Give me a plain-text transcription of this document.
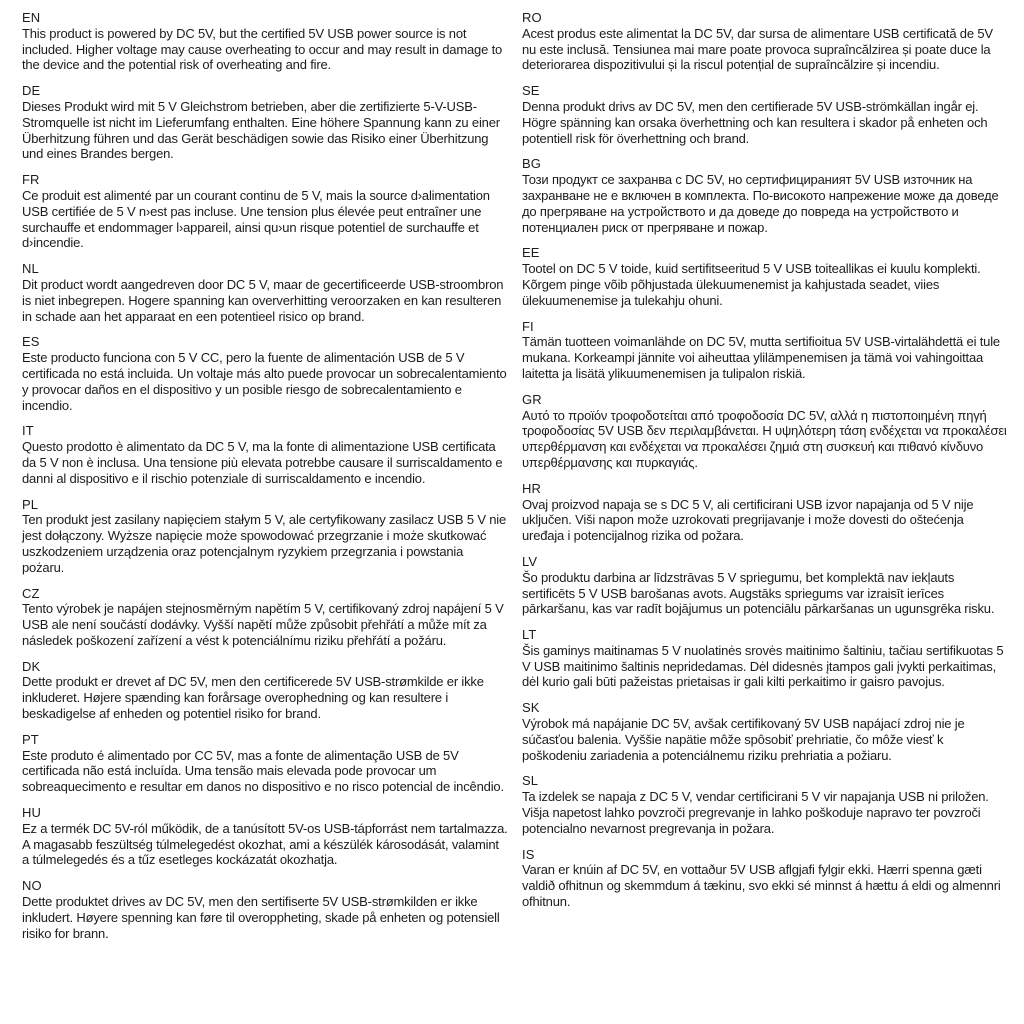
EN

This product is powered by DC 5V, but the certified 5V USB power source is not included. Higher voltage may cause overheating to occur and may result in damage to the device and the potential risk of overheating and fire.

DE

Dieses Produkt wird mit 5 V Gleichstrom betrieben, aber die zertifizierte 5-V-USB-Stromquelle ist nicht im Lieferumfang enthalten. Eine höhere Spannung kann zu einer Überhitzung führen und das Gerät beschädigen sowie das Risiko einer Überhitzung und eines Brandes bergen.

FR

Ce produit est alimenté par un courant continu de 5 V, mais la source d›alimentation USB certifiée de 5 V n›est pas incluse. Une tension plus élevée peut entraîner une surchauffe et endommager l›appareil, ainsi qu›un risque potentiel de surchauffe et d›incendie.

NL

Dit product wordt aangedreven door DC 5 V, maar de gecertificeerde USB-stroombron is niet inbegrepen. Hogere spanning kan oververhitting veroorzaken en kan resulteren in schade aan het apparaat en een potentieel risico op brand.

ES

Este producto funciona con 5 V CC, pero la fuente de alimentación USB de 5 V certificada no está incluida. Un voltaje más alto puede provocar un sobrecalentamiento y provocar daños en el dispositivo y un posible riesgo de sobrecalentamiento e incendio.

IT

Questo prodotto è alimentato da DC 5 V, ma la fonte di alimentazione USB certificata da 5 V non è inclusa. Una tensione più elevata potrebbe causare il surriscaldamento e danni al dispositivo e il rischio potenziale di surriscaldamento e incendio.

PL

Ten produkt jest zasilany napięciem stałym 5 V, ale certyfikowany zasilacz USB 5 V nie jest dołączony. Wyższe napięcie może spowodować przegrzanie i może skutkować uszkodzeniem urządzenia oraz potencjalnym ryzykiem przegrzania i powstania pożaru.

CZ

Tento výrobek je napájen stejnosměrným napětím 5 V, certifikovaný zdroj napájení 5 V USB ale není součástí dodávky. Vyšší napětí může způsobit přehřátí a může mít za následek poškození zařízení a vést k potenciálnímu riziku přehřátí a požáru.

DK

Dette produkt er drevet af DC 5V, men den certificerede 5V USB-strømkilde er ikke inkluderet. Højere spænding kan forårsage overophedning og kan resultere i beskadigelse af enheden og potentiel risiko for brand.

PT

Este produto é alimentado por CC 5V, mas a fonte de alimentação USB de 5V certificada não está incluída. Uma tensão mais elevada pode provocar um sobreaquecimento e resultar em danos no dispositivo e no risco potencial de incêndio.

HU

Ez a termék DC 5V-ról működik, de a tanúsított 5V-os USB-tápforrást nem tartalmazza. A magasabb feszültség túlmelegedést okozhat, ami a készülék károsodását, valamint a túlmelegedés és a tűz esetleges kockázatát okozhatja.

NO

Dette produktet drives av DC 5V, men den sertifiserte 5V USB-strømkilden er ikke inkludert. Høyere spenning kan føre til overoppheting, skade på enheten og potensiell risiko for brann.

RO

Acest produs este alimentat la DC 5V, dar sursa de alimentare USB certificată de 5V nu este inclusă. Tensiunea mai mare poate provoca supraîncălzirea și poate duce la deteriorarea dispozitivului și la riscul potențial de supraîncălzire și incendiu.

SE

Denna produkt drivs av DC 5V, men den certifierade 5V USB-strömkällan ingår ej. Högre spänning kan orsaka överhettning och kan resultera i skador på enheten och potentiell risk för överhettning och brand.

BG

Този продукт се захранва с DC 5V, но сертифицираният 5V USB източник на захранване не е включен в комплекта. По-високото напрежение може да доведе до прегряване на устройството и да доведе до повреда на устройството и потенциален риск от прегряване и пожар.

EE

Tootel on DC 5 V toide, kuid sertifitseeritud 5 V USB toiteallikas ei kuulu komplekti. Kõrgem pinge võib põhjustada ülekuumenemist ja kahjustada seadet, viies ülekuumenemise ja tulekahju ohuni.

FI

Tämän tuotteen voimanlähde on DC 5V, mutta sertifioitua 5V USB-virtalähdettä ei tule mukana. Korkeampi jännite voi aiheuttaa ylilämpenemisen ja tämä voi vahingoittaa laitetta ja lisätä ylikuumenemisen ja tulipalon riskiä.

GR

Αυτό το προϊόν τροφοδοτείται από τροφοδοσία DC 5V, αλλά η πιστοποιημένη πηγή τροφοδοσίας 5V USB δεν περιλαμβάνεται. Η υψηλότερη τάση ενδέχεται να προκαλέσει υπερθέρμανση και ενδέχεται να προκαλέσει ζημιά στη συσκευή και πιθανό κίνδυνο υπερθέρμανσης και πυρκαγιάς.

HR

Ovaj proizvod napaja se s DC 5 V, ali certificirani USB izvor napajanja od 5 V nije uključen. Viši napon može uzrokovati pregrijavanje i može dovesti do oštećenja uređaja i potencijalnog rizika od požara.

LV

Šo produktu darbina ar līdzstrāvas 5 V spriegumu, bet komplektā nav iekļauts sertificēts 5 V USB barošanas avots. Augstāks spriegums var izraisīt ierīces pārkaršanu, kas var radīt bojājumus un potenciālu pārkaršanas un ugunsgrēka risku.

LT

Šis gaminys maitinamas 5 V nuolatinės srovės maitinimo šaltiniu, tačiau sertifikuotas 5 V USB maitinimo šaltinis nepridedamas. Dėl didesnės įtampos gali įvykti perkaitimas, dėl kurio gali būti pažeistas prietaisas ir gali kilti perkaitimo ir gaisro pavojus.

SK

Výrobok má napájanie DC 5V, avšak certifikovaný 5V USB napájací zdroj nie je súčasťou balenia. Vyššie napätie môže spôsobiť prehriatie, čo môže viesť k poškodeniu zariadenia a potenciálnemu riziku prehriatia a požiaru.

SL

Ta izdelek se napaja z DC 5 V, vendar certificirani 5 V vir napajanja USB ni priložen. Višja napetost lahko povzroči pregrevanje in lahko poškoduje napravo ter povzroči potencialno nevarnost pregrevanja in požara.

IS

Varan er knúin af DC 5V, en vottaður 5V USB aflgjafi fylgir ekki. Hærri spenna gæti valdið ofhitnun og skemmdum á tækinu, svo ekki sé minnst á hættu á eldi og almennri ofhitnun.
